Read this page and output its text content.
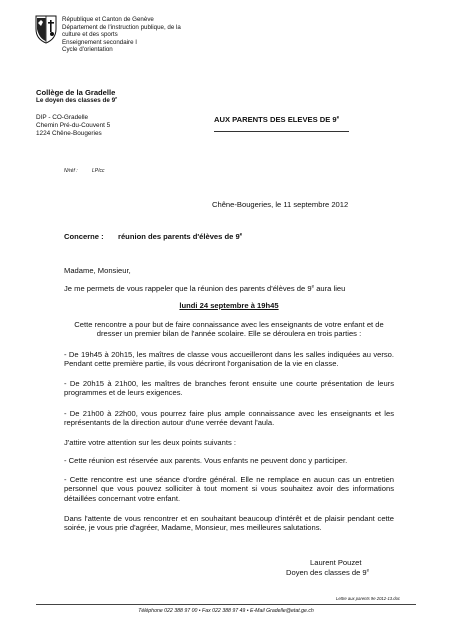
République et Canton de Genève
Département de l'instruction publique, de la
culture et des sports
Enseignement secondaire I
Cycle d'orientation
Collège de la Gradelle
Le doyen des classes de 9e
DIP - CO-Gradelle
Chemin Pré-du-Couvent 5
1224 Chêne-Bougeries
AUX PARENTS DES ELEVES DE 9e
N/réf :	LP/cc
Chêne-Bougeries, le 11 septembre 2012
Concerne : réunion des parents d'élèves de 9e
Madame, Monsieur,
Je me permets de vous rappeler que la réunion des parents d'élèves de 9e aura lieu
lundi 24 septembre à 19h45
Cette rencontre a pour but de faire connaissance avec les enseignants de votre enfant et de dresser un premier bilan de l'année scolaire. Elle se déroulera en trois parties :
- De 19h45 à 20h15, les maîtres de classe vous accueilleront dans les salles indiquées au verso. Pendant cette première partie, ils vous décriront l'organisation de la vie en classe.
- De 20h15 à 21h00, les maîtres de branches feront ensuite une courte présentation de leurs programmes et de leurs exigences.
- De 21h00 à 22h00, vous pourrez faire plus ample connaissance avec les enseignants et les représentants de la direction autour d'une verrée devant l'aula.
J'attire votre attention sur les deux points suivants :
- Cette réunion est réservée aux parents. Vous enfants ne peuvent donc y participer.
- Cette rencontre est une séance d'ordre général. Elle ne remplace en aucun cas un entretien personnel que vous pouvez solliciter à tout moment si vous souhaitez avoir des informations détaillées concernant votre enfant.
Dans l'attente de vous rencontrer et en souhaitant beaucoup d'intérêt et de plaisir pendant cette soirée, je vous prie d'agréer, Madame, Monsieur, mes meilleures salutations.
Laurent Pouzet
Doyen des classes de 9e
Lettre aux parents 9e 2012-13.doc
Téléphone 022 388 97 00 • Fax 022 388 97 49 • E-Mail Gradelle@etat.ge.ch
